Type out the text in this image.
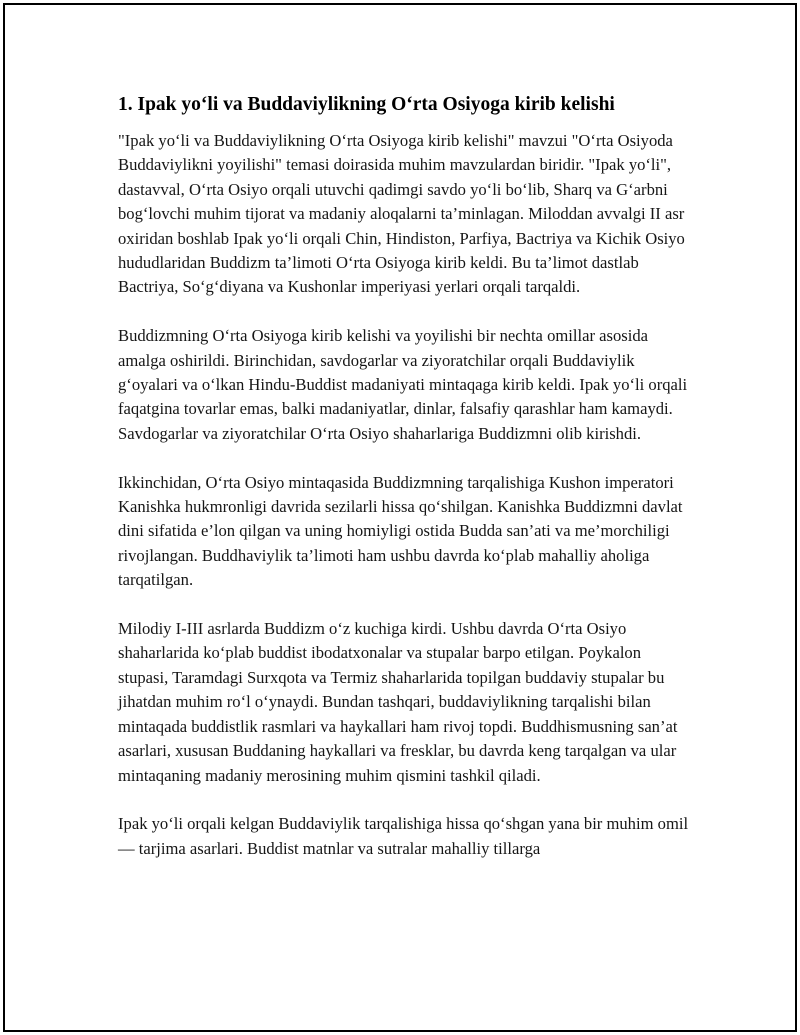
1. Ipak yo‘li va Buddaviylikning O‘rta Osiyoga kirib kelishi

"Ipak yo‘li va Buddaviylikning O‘rta Osiyoga kirib kelishi" mavzui "O‘rta Osiyoda Buddaviylikni yoyilishi" temasi doirasida muhim mavzulardan biridir. "Ipak yo‘li", dastavval, O‘rta Osiyo orqali utuvchi qadimgi savdo yo‘li bo‘lib, Sharq va G‘arbni bog‘lovchi muhim tijorat va madaniy aloqalarni ta’minlagan. Miloddan avvalgi II asr oxiridan boshlab Ipak yo‘li orqali Chin, Hindiston, Parfiya, Bactriya va Kichik Osiyo hududlaridan Buddizm ta’limoti O‘rta Osiyoga kirib keldi. Bu ta’limot dastlab Bactriya, So‘g‘diyana va Kushonlar imperiyasi yerlari orqali tarqaldi.

Buddizmning O‘rta Osiyoga kirib kelishi va yoyilishi bir nechta omillar asosida amalga oshirildi. Birinchidan, savdogarlar va ziyoratchilar orqali Buddaviylik g‘oyalari va o‘lkan Hindu-Buddist madaniyati mintaqaga kirib keldi. Ipak yo‘li orqali faqatgina tovarlar emas, balki madaniyatlar, dinlar, falsafiy qarashlar ham kamaydi. Savdogarlar va ziyoratchilar O‘rta Osiyo shaharlariga Buddizmni olib kirishdi.

Ikkinchidan, O‘rta Osiyo mintaqasida Buddizmning tarqalishiga Kushon imperatori Kanishka hukmronligi davrida sezilarli hissa qo‘shilgan. Kanishka Buddizmni davlat dini sifatida e’lon qilgan va uning homiyligi ostida Budda san’ati va me’morchiligi rivojlangan. Buddhaviylik ta’limoti ham ushbu davrda ko‘plab mahalliy aholiga tarqatilgan.

Milodiy I-III asrlarda Buddizm o‘z kuchiga kirdi. Ushbu davrda O‘rta Osiyo shaharlarida ko‘plab buddist ibodatxonalar va stupalar barpo etilgan. Poykalon stupasi, Taramdagi Surxqota va Termiz shaharlarida topilgan buddaviy stupalar bu jihatdan muhim ro‘l o‘ynaydi. Bundan tashqari, buddaviylikning tarqalishi bilan mintaqada buddistlik rasmlari va haykallari ham rivoj topdi. Buddhismusning san’at asarlari, xususan Buddaning haykallari va fresklar, bu davrda keng tarqalgan va ular mintaqaning madaniy merosining muhim qismini tashkil qiladi.

Ipak yo‘li orqali kelgan Buddaviylik tarqalishiga hissa qo‘shgan yana bir muhim omil — tarjima asarlari. Buddist matnlar va sutralar mahalliy tillarga
